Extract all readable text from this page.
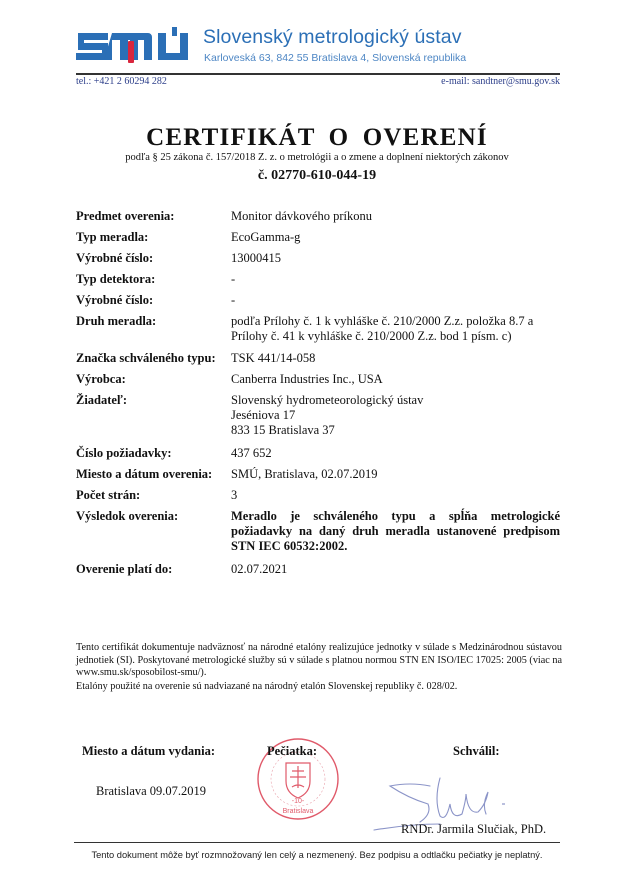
Slovenský metrologický ústav
Karloveská 63, 842 55 Bratislava 4, Slovenská republika
tel.: +421 2 60294 282	e-mail: sandtner@smu.gov.sk
CERTIFIKÁT O OVERENÍ
podľa § 25 zákona č. 157/2018 Z. z. o metrológii a o zmene a doplnení niektorých zákonov
č. 02770-610-044-19
Predmet overenia:	Monitor dávkového príkonu
Typ meradla:	EcoGamma-g
Výrobné číslo:	13000415
Typ detektora:	-
Výrobné číslo:	-
Druh meradla:	podľa Prílohy č. 1 k vyhláške č. 210/2000 Z.z. položka 8.7 a
Prílohy č. 41 k vyhláške č. 210/2000 Z.z. bod 1 písm. c)
Značka schváleného typu: TSK 441/14-058
Výrobca:	Canberra Industries Inc., USA
Žiadateľ:	Slovenský hydrometeorologický ústav
Jeséniova 17
833 15 Bratislava 37
Číslo požiadavky:	437 652
Miesto a dátum overenia: SMÚ, Bratislava, 02.07.2019
Počet strán:	3
Výsledok overenia:	Meradlo je schváleného typu a spĺňa metrologické požiadavky na daný druh meradla ustanovené predpisom STN IEC 60532:2002.
Overenie platí do:	02.07.2021
Tento certifikát dokumentuje nadväznosť na národné etalóny realizujúce jednotky v súlade s Medzinárodnou sústavou jednotiek (SI). Poskytované metrologické služby sú v súlade s platnou normou STN EN ISO/IEC 17025: 2005 (viac na www.smu.sk/sposobilost-smu/).
Etalóny použité na overenie sú nadviazané na národný etalón Slovenskej republiky č. 028/02.
Miesto a dátum vydania:
Bratislava 09.07.2019
-10-
Bratislava
Pečiatka:	Schválil:
RNDr. Jarmila Slučiak, PhD.
Tento dokument môže byť rozmnožovaný len celý a nezmenený. Bez podpisu a odtlačku pečiatky je neplatný.
